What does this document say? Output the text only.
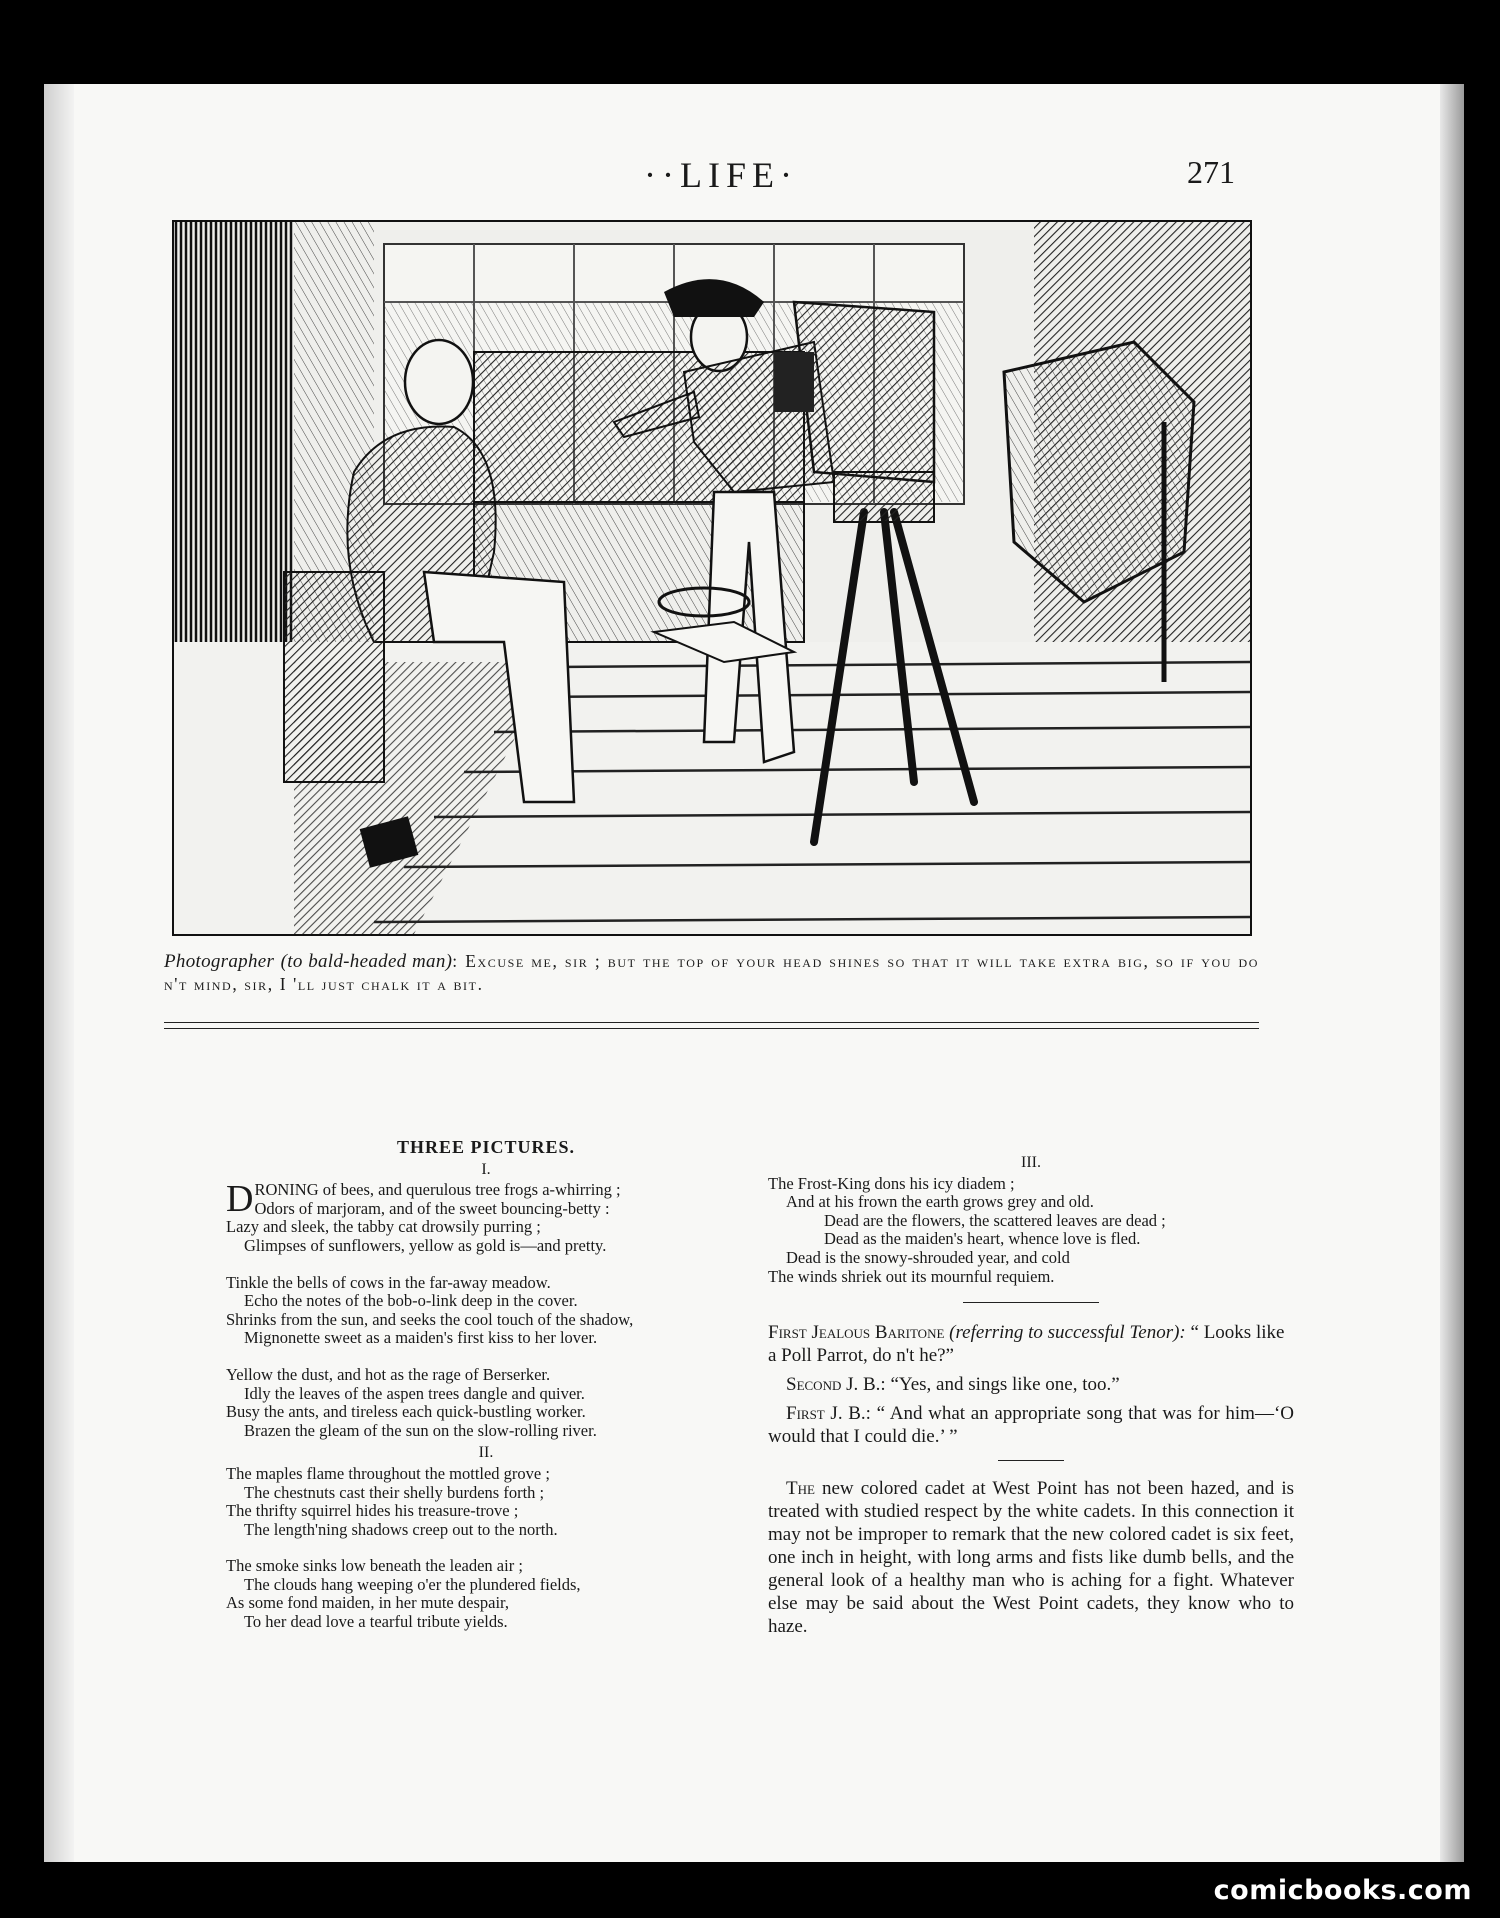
··LIFE·	271
Photographer (to bald-headed man): Excuse me, sir ; but the top of your head shines so that it will take extra big, so if you do n't mind, sir, I 'll just chalk it a bit.
THREE PICTURES.
I.
D RONING of bees, and querulous tree frogs a-whirring ;
Odors of marjoram, and of the sweet bouncing-betty :
Lazy and sleek, the tabby cat drowsily purring ;
Glimpses of sunflowers, yellow as gold is—and pretty.
Tinkle the bells of cows in the far-away meadow.
Echo the notes of the bob-o-link deep in the cover.
Shrinks from the sun, and seeks the cool touch of the shadow,
Mignonette sweet as a maiden's first kiss to her lover.
Yellow the dust, and hot as the rage of Berserker.
Idly the leaves of the aspen trees dangle and quiver.
Busy the ants, and tireless each quick-bustling worker.
Brazen the gleam of the sun on the slow-rolling river.
II.
The maples flame throughout the mottled grove ;
The chestnuts cast their shelly burdens forth ;
The thrifty squirrel hides his treasure-trove ;
The length'ning shadows creep out to the north.
The smoke sinks low beneath the leaden air ;
The clouds hang weeping o'er the plundered fields,
As some fond maiden, in her mute despair,
To her dead love a tearful tribute yields.
III.
The Frost-King dons his icy diadem ;
And at his frown the earth grows grey and old.
Dead are the flowers, the scattered leaves are dead ;
Dead as the maiden's heart, whence love is fled.
Dead is the snowy-shrouded year, and cold
The winds shriek out its mournful requiem.

First Jealous Baritone (referring to successful Tenor): “ Looks like a Poll Parrot, do n't he?”

Second J. B.: “Yes, and sings like one, too.”

First J. B.: “ And what an appropriate song that was for him—‘O would that I could die.’ ”

The new colored cadet at West Point has not been hazed, and is treated with studied respect by the white cadets. In this connection it may not be improper to remark that the new colored cadet is six feet, one inch in height, with long arms and fists like dumb bells, and the general look of a healthy man who is aching for a fight. Whatever else may be said about the West Point cadets, they know who to haze.

comicbooks.com
